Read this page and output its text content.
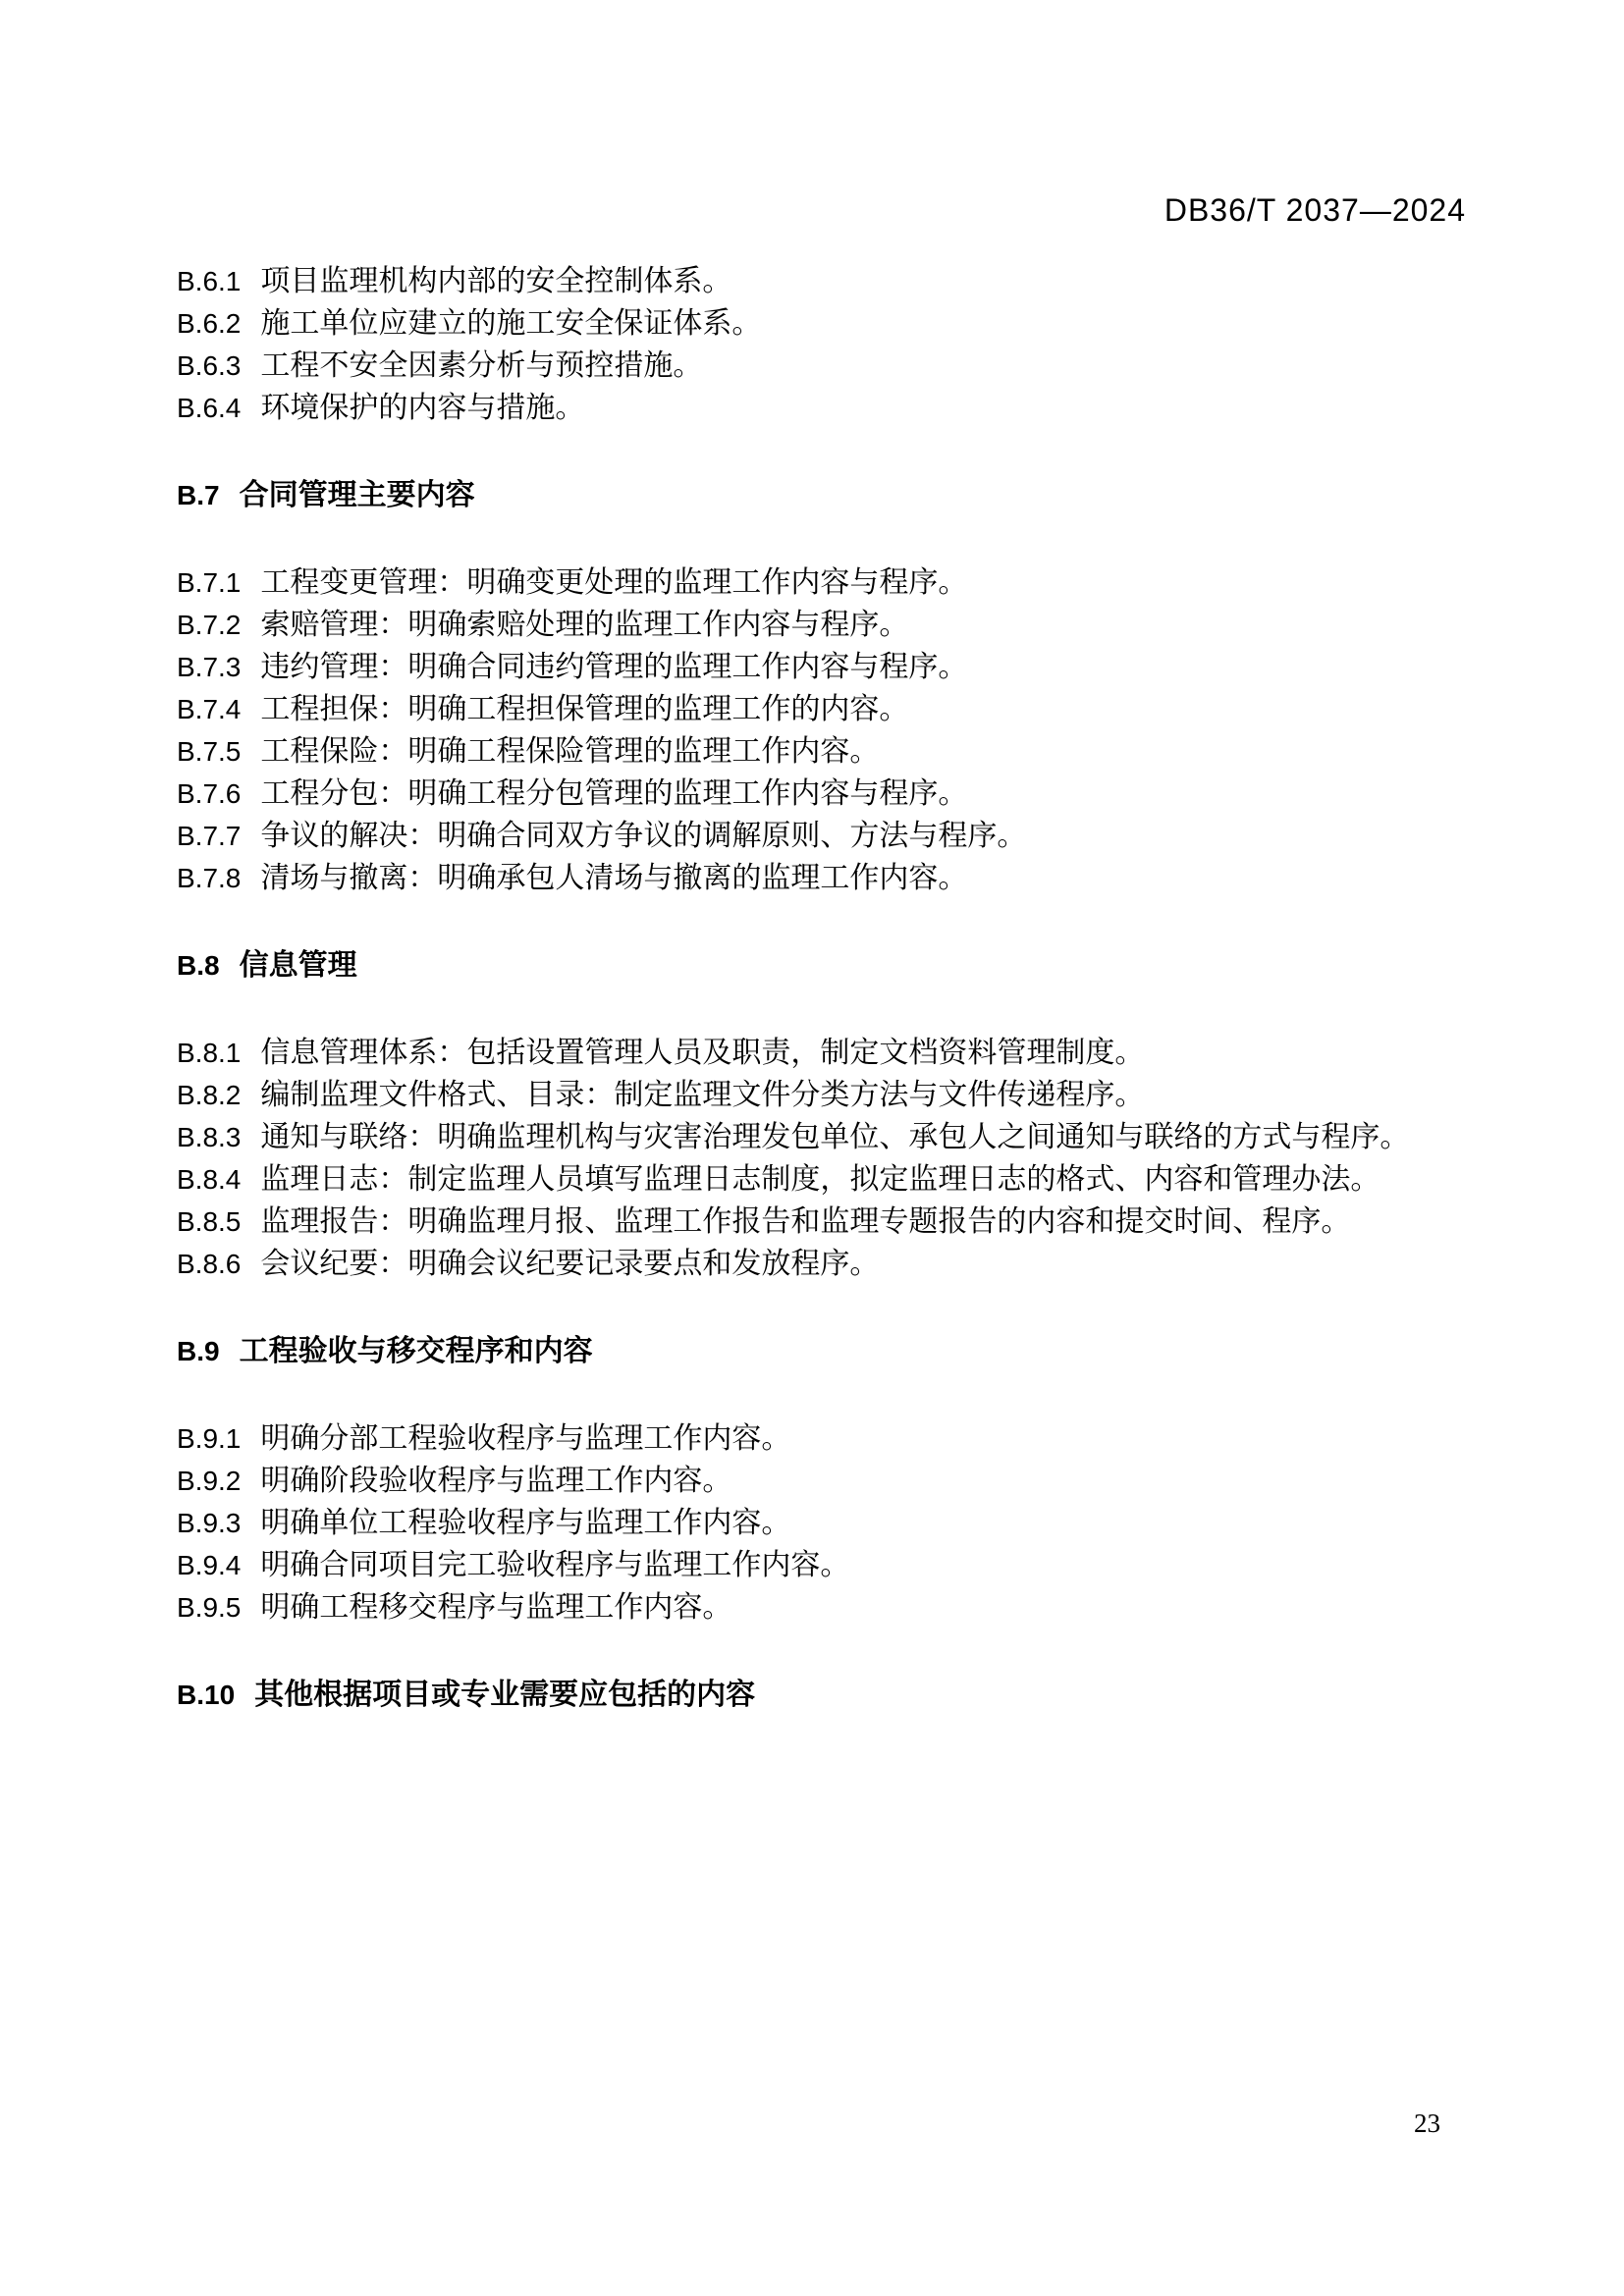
DB36/T 2037—2024

B.6.1 项目监理机构内部的安全控制体系。

B.6.2 施工单位应建立的施工安全保证体系。

B.6.3 工程不安全因素分析与预控措施。

B.6.4 环境保护的内容与措施。

B.7 合同管理主要内容

B.7.1 工程变更管理：明确变更处理的监理工作内容与程序。

B.7.2 索赔管理：明确索赔处理的监理工作内容与程序。

B.7.3 违约管理：明确合同违约管理的监理工作内容与程序。

B.7.4 工程担保：明确工程担保管理的监理工作的内容。

B.7.5 工程保险：明确工程保险管理的监理工作内容。

B.7.6 工程分包：明确工程分包管理的监理工作内容与程序。

B.7.7 争议的解决：明确合同双方争议的调解原则、方法与程序。

B.7.8 清场与撤离：明确承包人清场与撤离的监理工作内容。

B.8 信息管理

B.8.1 信息管理体系：包括设置管理人员及职责，制定文档资料管理制度。

B.8.2 编制监理文件格式、目录：制定监理文件分类方法与文件传递程序。

B.8.3 通知与联络：明确监理机构与灾害治理发包单位、承包人之间通知与联络的方式与程序。

B.8.4 监理日志：制定监理人员填写监理日志制度，拟定监理日志的格式、内容和管理办法。

B.8.5 监理报告：明确监理月报、监理工作报告和监理专题报告的内容和提交时间、程序。

B.8.6 会议纪要：明确会议纪要记录要点和发放程序。

B.9 工程验收与移交程序和内容

B.9.1 明确分部工程验收程序与监理工作内容。

B.9.2 明确阶段验收程序与监理工作内容。

B.9.3 明确单位工程验收程序与监理工作内容。

B.9.4 明确合同项目完工验收程序与监理工作内容。

B.9.5 明确工程移交程序与监理工作内容。

B.10 其他根据项目或专业需要应包括的内容

23
